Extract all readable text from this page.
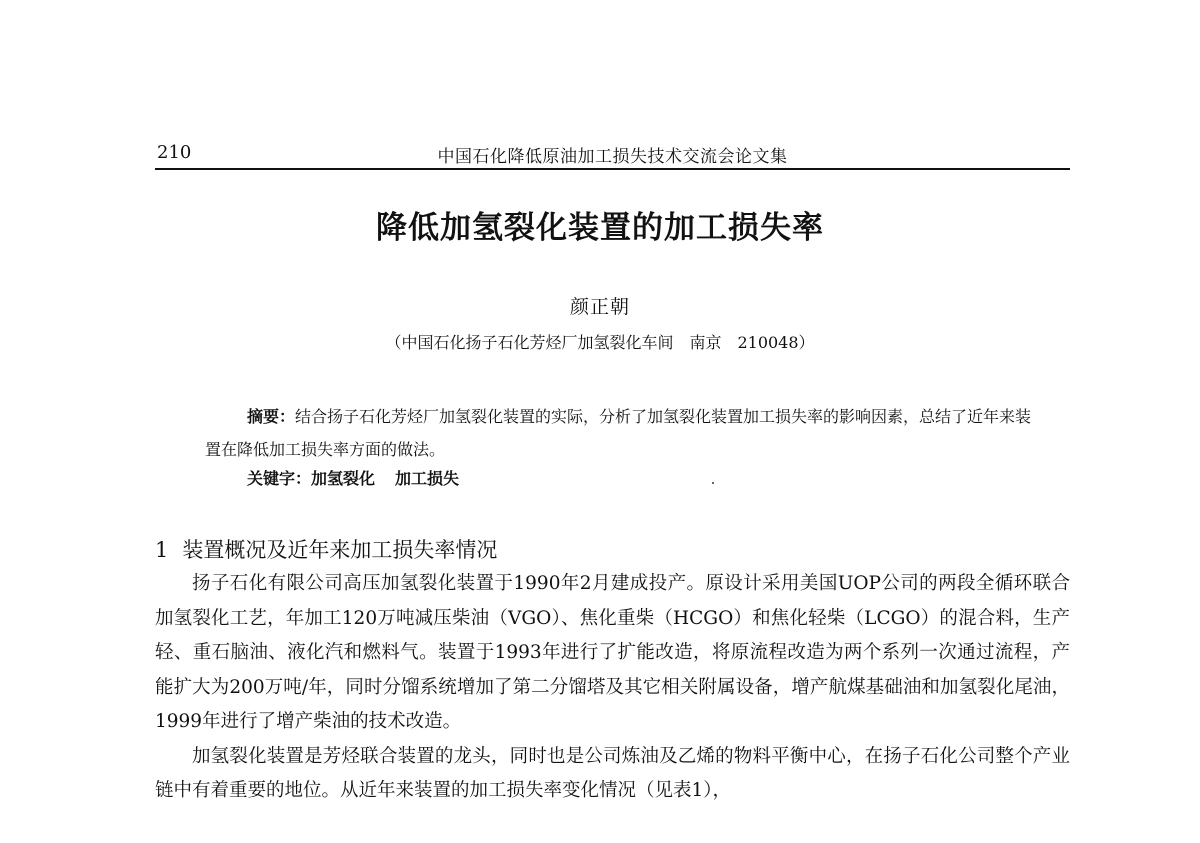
210	中国石化降低原油加工损失技术交流会论文集
降低加氢裂化装置的加工损失率
颜正朝
（中国石化扬子石化芳烃厂加氢裂化车间　南京　210048）
摘要：结合扬子石化芳烃厂加氢裂化装置的实际，分析了加氢裂化装置加工损失率的影响因素，总结了近年来装置在降低加工损失率方面的做法。
关键字：加氢裂化 加工损失
1 装置概况及近年来加工损失率情况

扬子石化有限公司高压加氢裂化装置于1990年2月建成投产。原设计采用美国UOP公司的两段全循环联合加氢裂化工艺，年加工120万吨减压柴油（VGO）、焦化重柴（HCGO）和焦化轻柴（LCGO）的混合料，生产轻、重石脑油、液化汽和燃料气。装置于1993年进行了扩能改造，将原流程改造为两个系列一次通过流程，产能扩大为200万吨/年，同时分馏系统增加了第二分馏塔及其它相关附属设备，增产航煤基础油和加氢裂化尾油，1999年进行了增产柴油的技术改造。

加氢裂化装置是芳烃联合装置的龙头，同时也是公司炼油及乙烯的物料平衡中心，在扬子石化公司整个产业链中有着重要的地位。从近年来装置的加工损失率变化情况（见表1），
